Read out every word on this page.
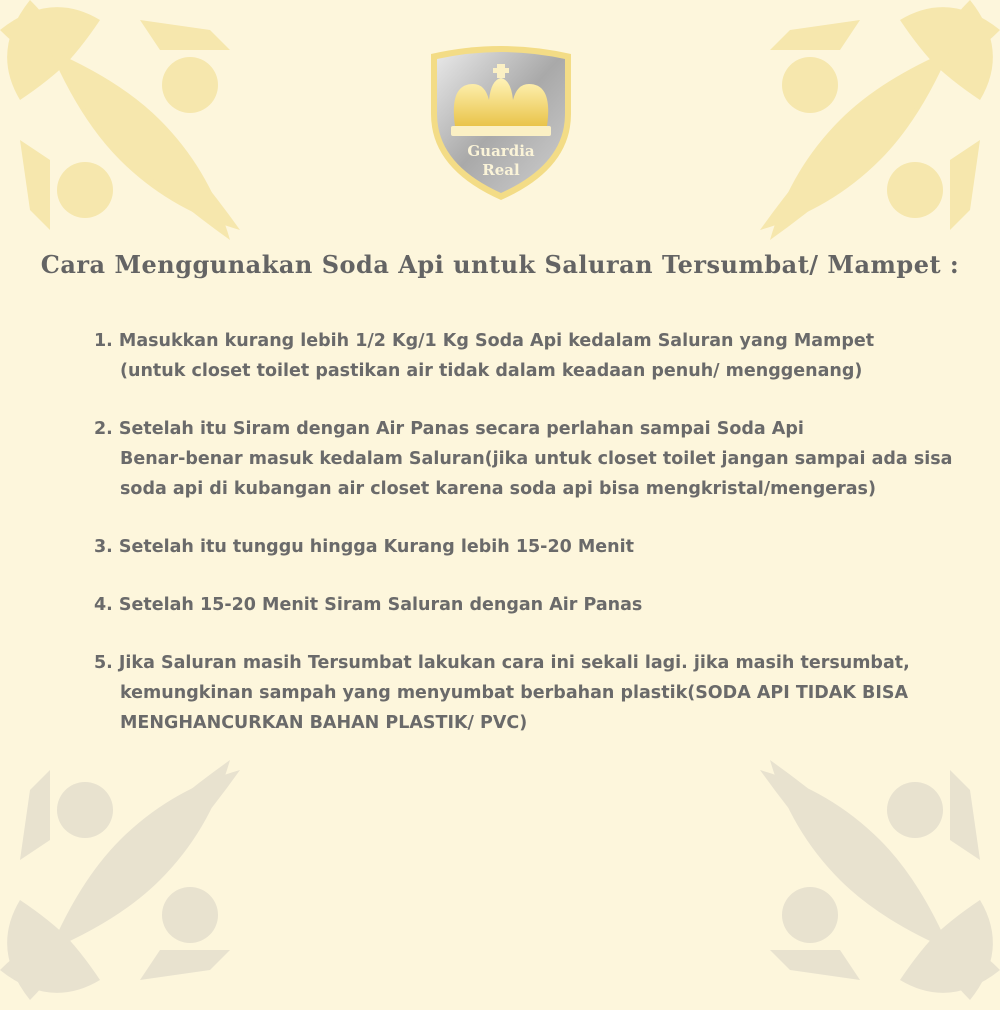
Guardia
Real
Cara Menggunakan Soda Api untuk Saluran Tersumbat/ Mampet :
1. Masukkan kurang lebih 1/2 Kg/1 Kg Soda Api kedalam Saluran yang Mampet
(untuk closet toilet pastikan air tidak dalam keadaan penuh/ menggenang)
2. Setelah itu Siram dengan Air Panas secara perlahan sampai Soda Api
Benar-benar masuk kedalam Saluran(jika untuk closet toilet jangan sampai ada sisa
soda api di kubangan air closet karena soda api bisa mengkristal/mengeras)
3. Setelah itu tunggu hingga Kurang lebih 15-20 Menit
4. Setelah 15-20 Menit Siram Saluran dengan Air Panas
5. Jika Saluran masih Tersumbat lakukan cara ini sekali lagi. jika masih tersumbat,
kemungkinan sampah yang menyumbat berbahan plastik(SODA API TIDAK BISA
MENGHANCURKAN BAHAN PLASTIK/ PVC)
